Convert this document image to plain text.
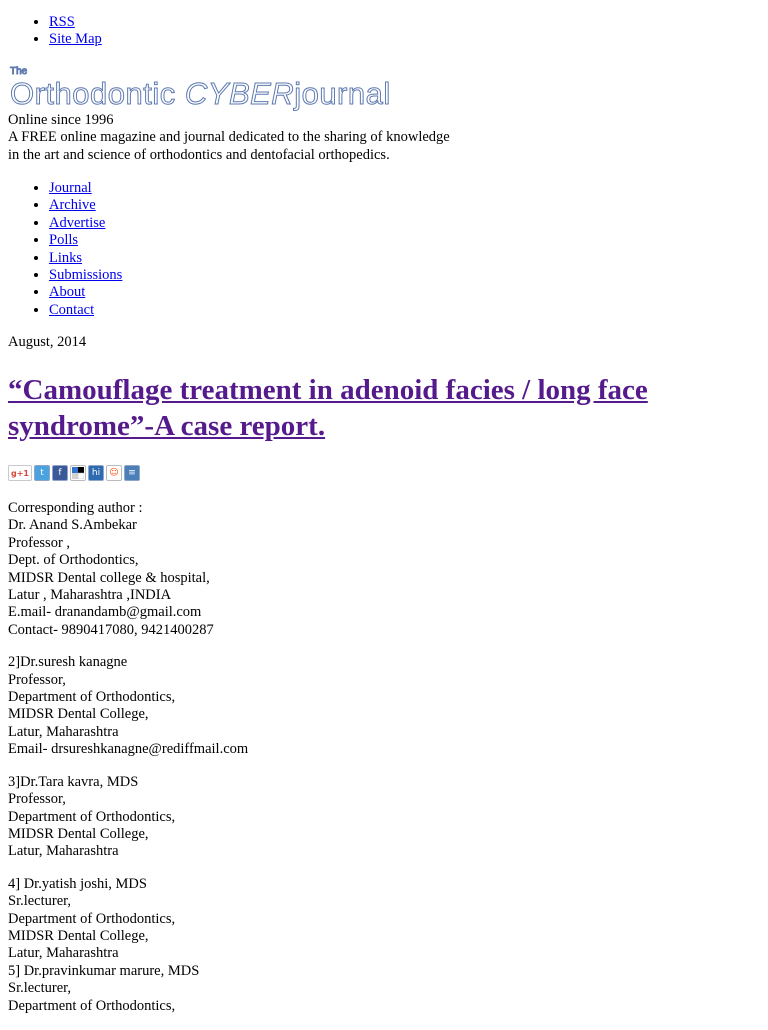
• RSS
• Site Map
The
Orthodontic CYBERjournal
Online since 1996
A FREE online magazine and journal dedicated to the sharing of knowledge
in the art and science of orthodontics and dentofacial orthopedics.
• Journal
• Archive
• Advertise
• Polls
• Links
• Submissions
• About
• Contact
August, 2014
“Camouflage treatment in adenoid facies / long face syndrome”-A case report.
g+1	t	f	hi	☺	≡
Corresponding author :
Dr. Anand S.Ambekar
Professor ,
Dept. of Orthodontics,
MIDSR Dental college & hospital,
Latur , Maharashtra ,INDIA
E.mail- dranandamb@gmail.com
Contact- 9890417080, 9421400287
2]Dr.suresh kanagne
Professor,
Department of Orthodontics,
MIDSR Dental College,
Latur, Maharashtra
Email- drsureshkanagne@rediffmail.com
3]Dr.Tara kavra, MDS
Professor,
Department of Orthodontics,
MIDSR Dental College,
Latur, Maharashtra
4] Dr.yatish joshi, MDS
Sr.lecturer,
Department of Orthodontics,
MIDSR Dental College,
Latur, Maharashtra
5] Dr.pravinkumar marure, MDS
Sr.lecturer,
Department of Orthodontics,
